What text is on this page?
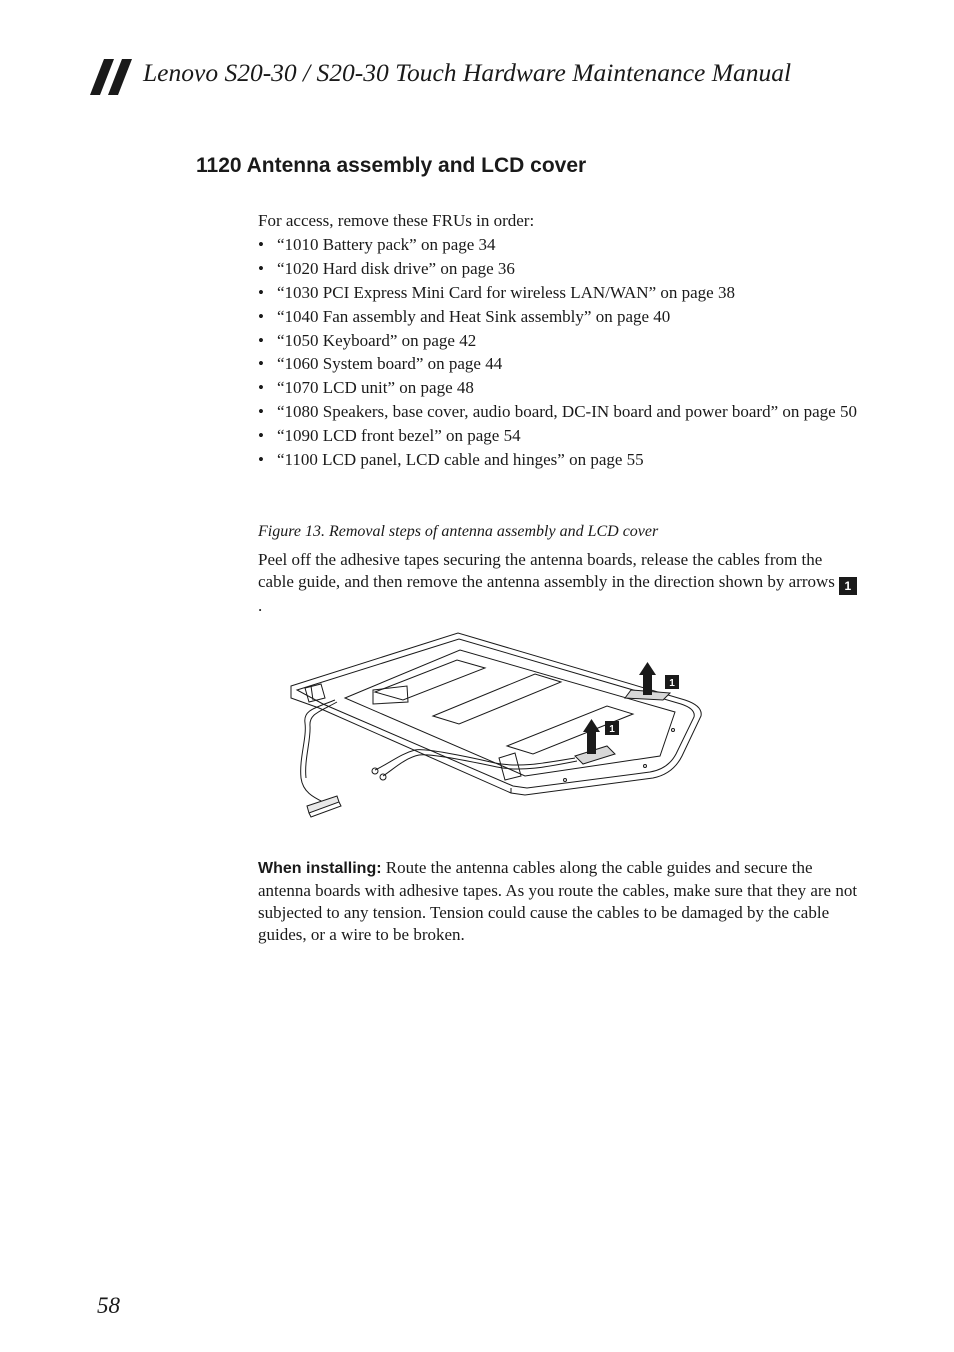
Lenovo S20-30 / S20-30 Touch Hardware Maintenance Manual
1120 Antenna assembly and LCD cover
For access, remove these FRUs in order:
• “1010 Battery pack” on page 34
• “1020 Hard disk drive” on page 36
• “1030 PCI Express Mini Card for wireless LAN/WAN” on page 38
• “1040 Fan assembly and Heat Sink assembly” on page 40
• “1050 Keyboard” on page 42
• “1060 System board” on page 44
• “1070 LCD unit” on page 48
• “1080 Speakers, base cover, audio board, DC-IN board and power board” on page 50
• “1090 LCD front bezel” on page 54
• “1100 LCD panel, LCD cable and hinges” on page 55
Figure 13. Removal steps of antenna assembly and LCD cover
Peel off the adhesive tapes securing the antenna boards, release the cables from the cable guide, and then remove the antenna assembly in the direction shown by arrows 1.
1
1
When installing: Route the antenna cables along the cable guides and secure the antenna boards with adhesive tapes. As you route the cables, make sure that they are not subjected to any tension. Tension could cause the cables to be damaged by the cable guides, or a wire to be broken.
58
